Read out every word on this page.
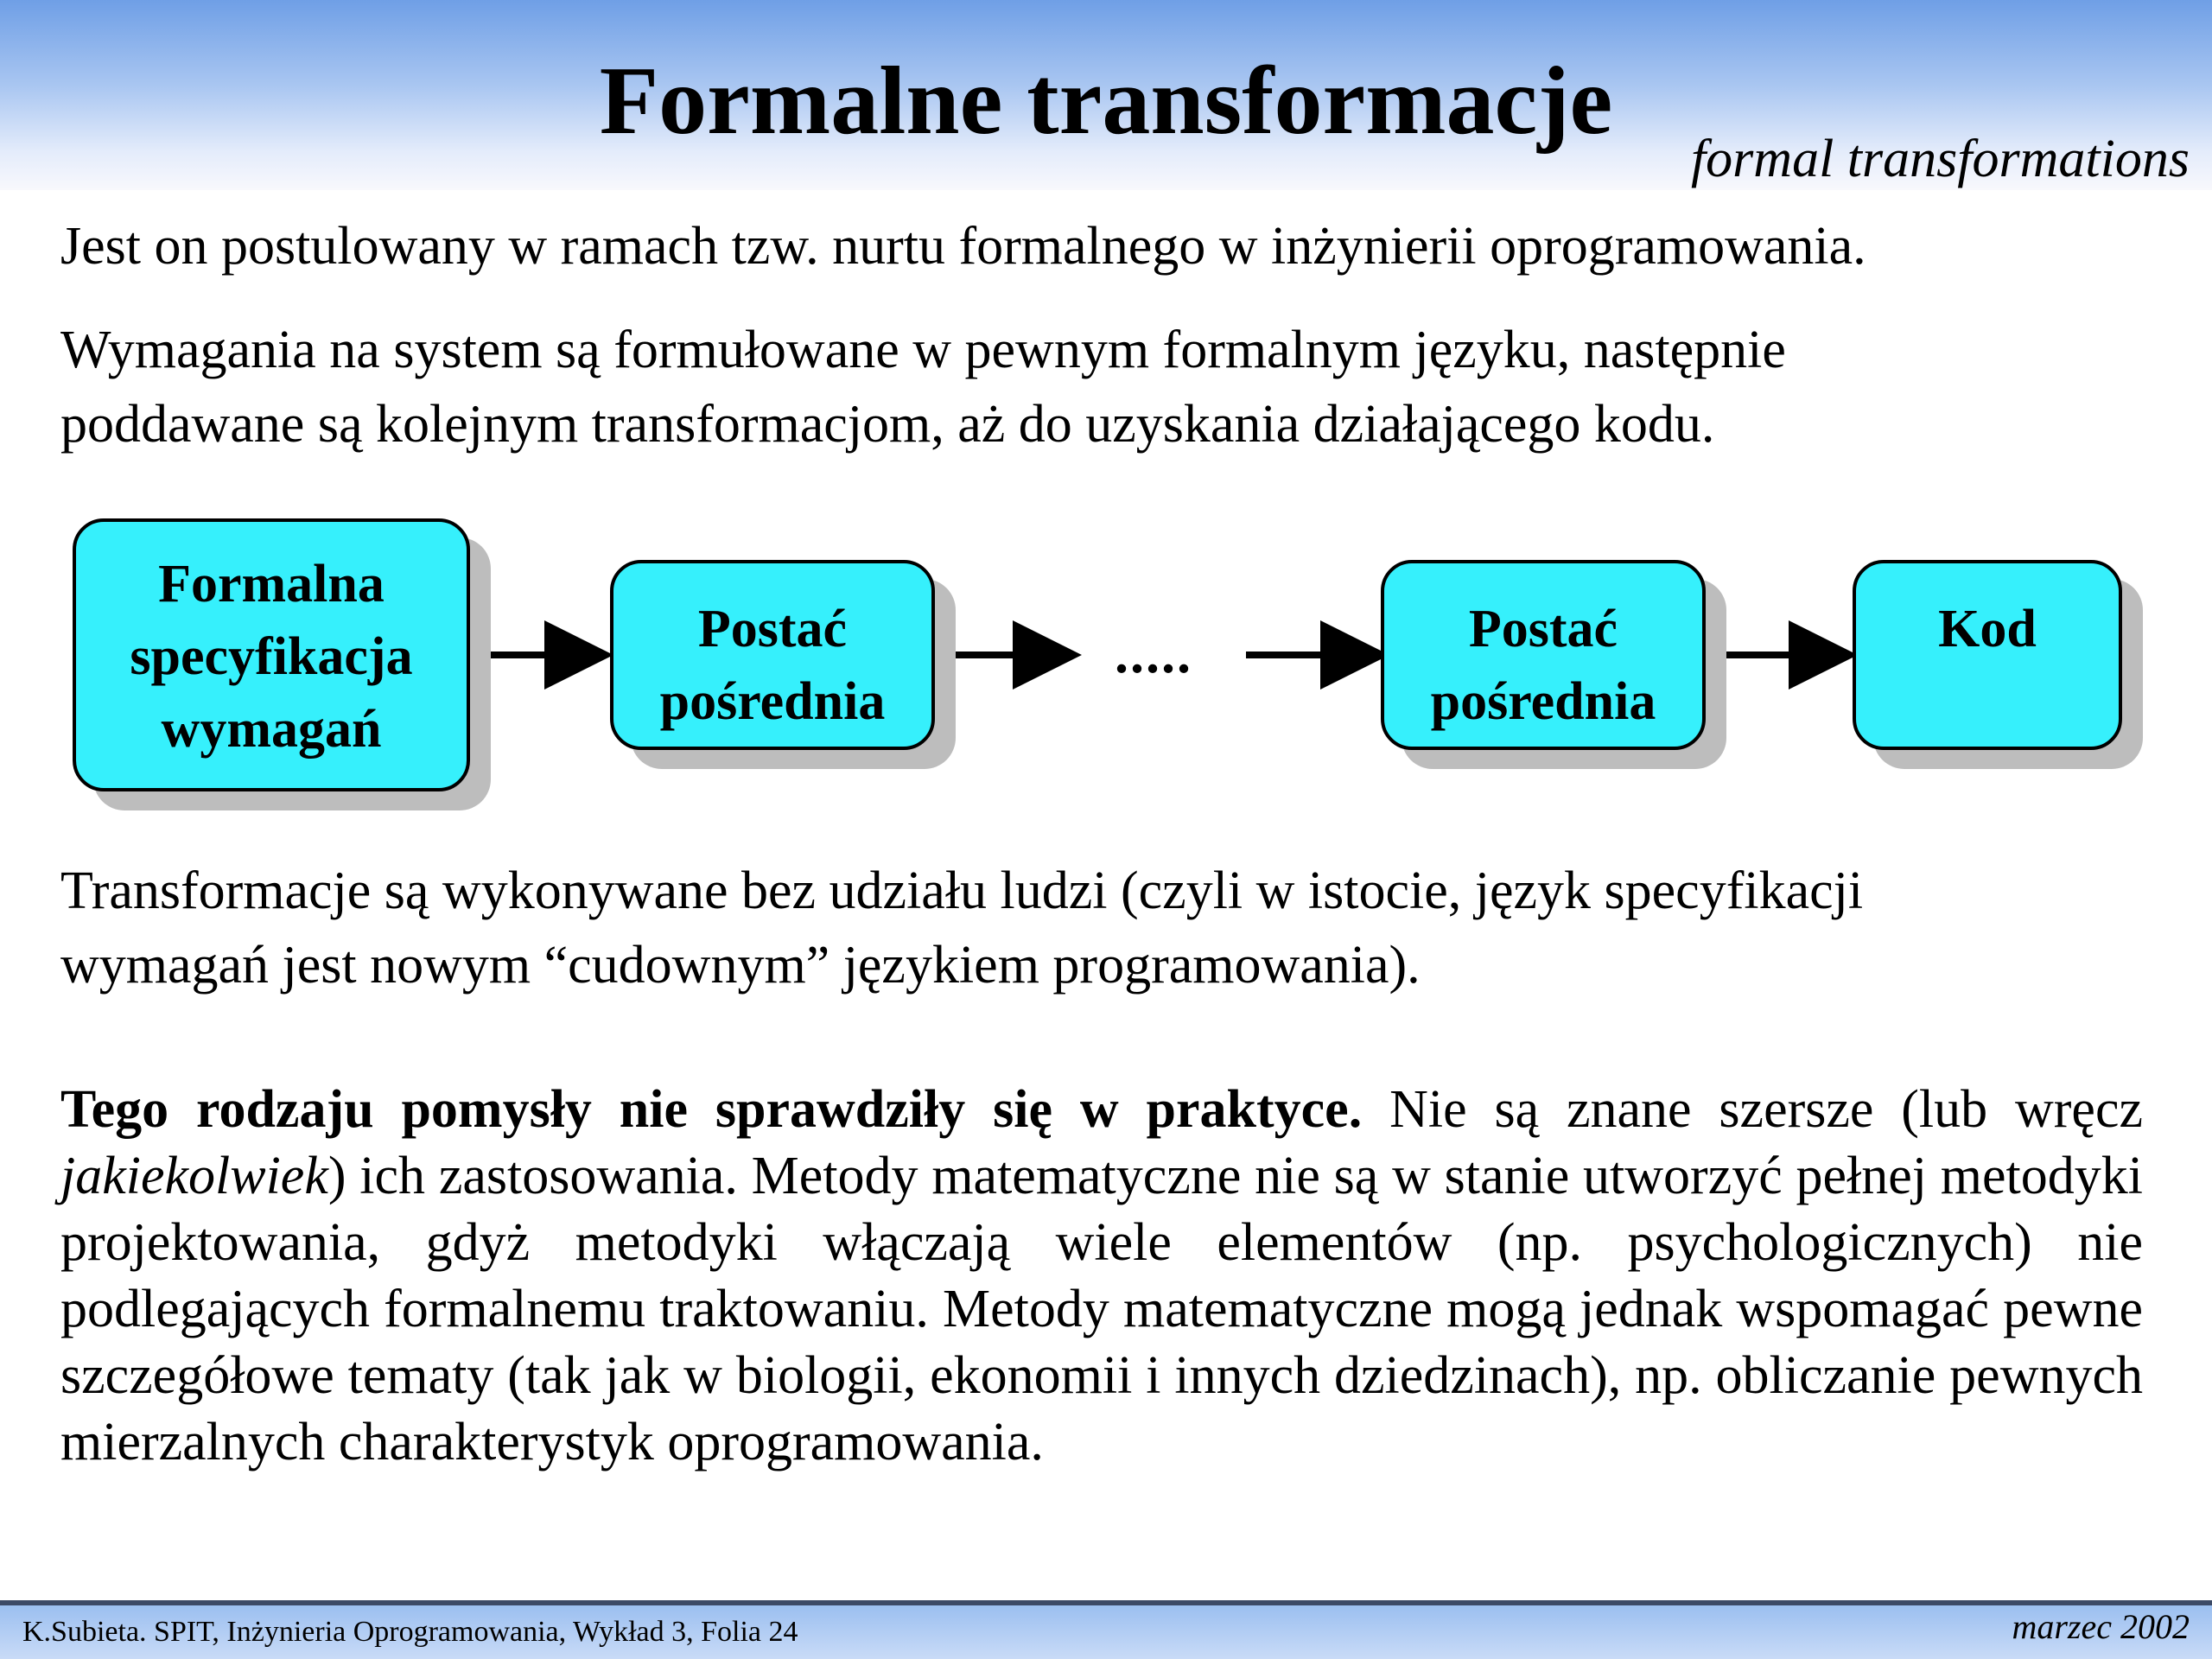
Formalne transformacje
formal transformations

Jest on postulowany w ramach tzw. nurtu formalnego w inżynierii oprogramowania.

Wymagania na system są formułowane w pewnym formalnym języku, następnie
poddawane są kolejnym transformacjom, aż do uzyskania działającego kodu.
Formalna
specyfikacja
wymagań
Postać
pośrednia
.....	Postać
pośrednia
Kod
Transformacje są wykonywane bez udziału ludzi (czyli w istocie, język specyfikacji
wymagań jest nowym “cudownym” językiem programowania).

Tego rodzaju pomysły nie sprawdziły się w praktyce. Nie są znane szersze (lub wręcz jakiekolwiek) ich zastosowania. Metody matematyczne nie są w stanie utworzyć pełnej metodyki projektowania, gdyż metodyki włączają wiele elementów (np. psychologicznych) nie podlegających formalnemu traktowaniu. Metody matematyczne mogą jednak wspomagać pewne szczegółowe tematy (tak jak w biologii, ekonomii i innych dziedzinach), np. obliczanie pewnych mierzalnych charakterystyk oprogramowania.

K.Subieta. SPIT, Inżynieria Oprogramowania, Wykład 3, Folia 24	marzec 2002
